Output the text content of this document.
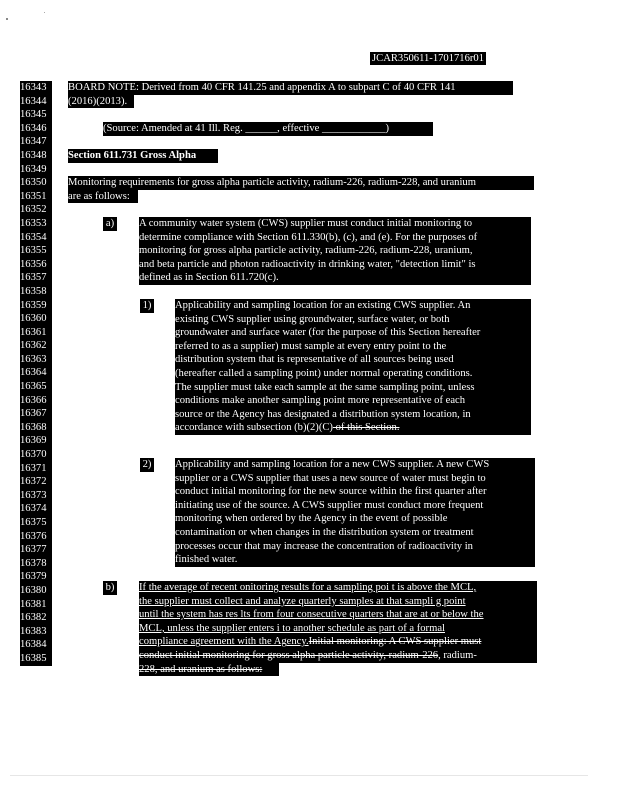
JCAR350611-1701716r01
16343
16344
16345
16346
16347
16348
16349
16350
16351
16352
16353
16354
16355
16356
16357
16358
16359
16360
16361
16362
16363
16364
16365
16366
16367
16368
16369
16370
16371
16372
16373
16374
16375
16376
16377
16378
16379
16380
16381
16382
16383
16384
16385
BOARD NOTE: Derived from 40 CFR 141.25 and appendix A to subpart C of 40 CFR 141
(2016)(2013).
(Source: Amended at 41 Ill. Reg. ______, effective ____________)
Section 611.731 Gross Alpha
Monitoring requirements for gross alpha particle activity, radium-226, radium-228, and uranium
are as follows:
a) A community water system (CWS) supplier must conduct initial monitoring to
determine compliance with Section 611.330(b), (c), and (e). For the purposes of
monitoring for gross alpha particle activity, radium-226, radium-228, uranium,
and beta particle and photon radioactivity in drinking water, "detection limit" is
defined as in Section 611.720(c).
1) Applicability and sampling location for an existing CWS supplier. An
existing CWS supplier using groundwater, surface water, or both
groundwater and surface water (for the purpose of this Section hereafter
referred to as a supplier) must sample at every entry point to the
distribution system that is representative of all sources being used
(hereafter called a sampling point) under normal operating conditions.
The supplier must take each sample at the same sampling point, unless
conditions make another sampling point more representative of each
source or the Agency has designated a distribution system location, in
accordance with subsection (b)(2)(C) of this Section.
2) Applicability and sampling location for a new CWS supplier. A new CWS
supplier or a CWS supplier that uses a new source of water must begin to
conduct initial monitoring for the new source within the first quarter after
initiating use of the source. A CWS supplier must conduct more frequent
monitoring when ordered by the Agency in the event of possible
contamination or when changes in the distribution system or treatment
processes occur that may increase the concentration of radioactivity in
finished water.
b) If the average of recent onitoring results for a sampling poi t is above the MCL,
the supplier must collect and analyze quarterly samples at that sampli g point
until the system has res lts from four consecutive quarters that are at or below the
MCL, unless the supplier enters i to another schedule as part of a formal
compliance agreement with the Agency.Initial monitoring: A CWS supplier must
conduct initial monitoring for gross alpha particle activity, radium-226, radium-
228, and uranium as follows:
